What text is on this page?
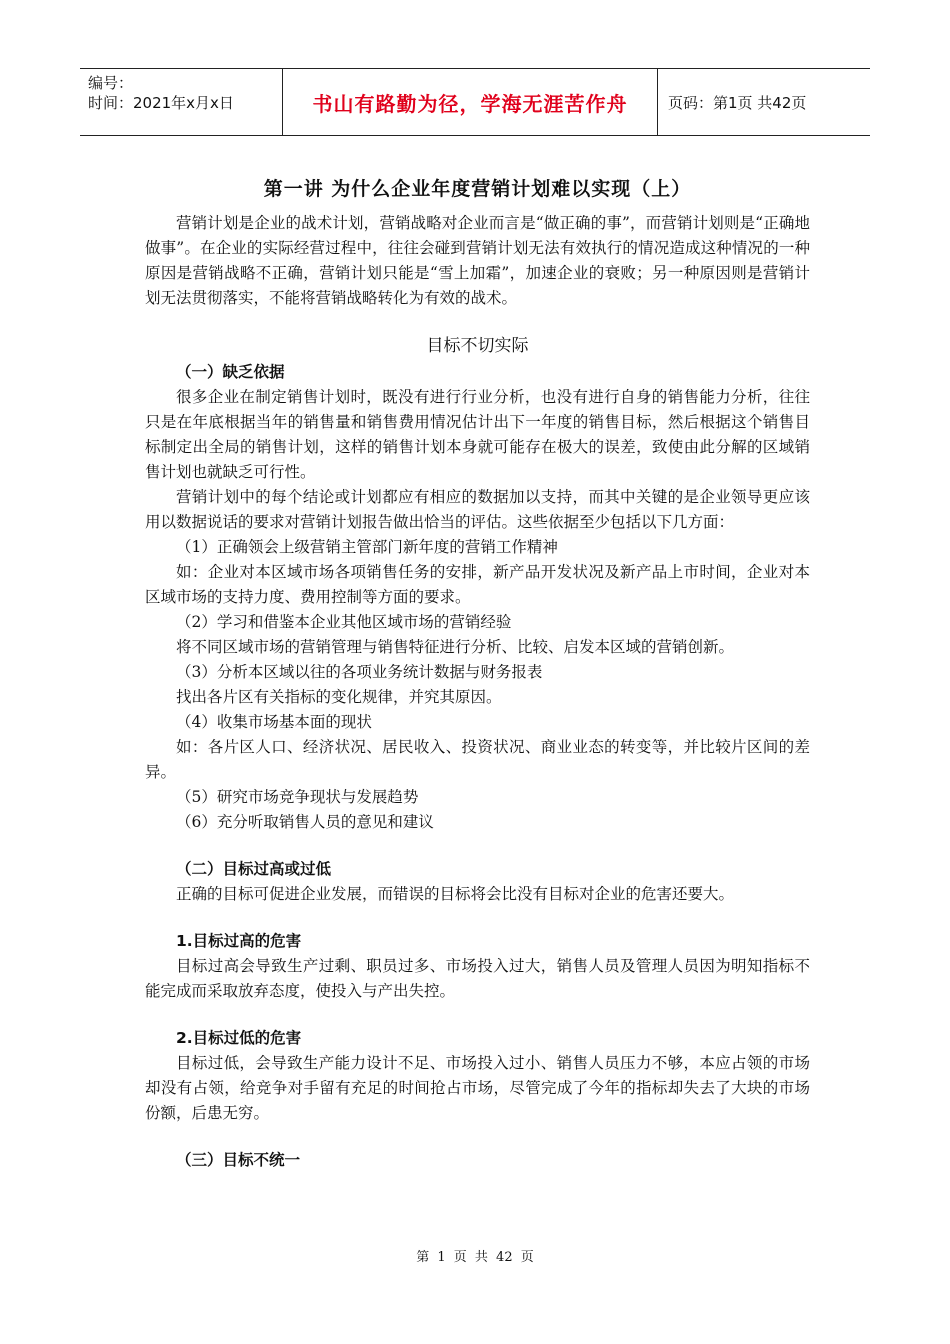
编号：
时间：2021年x月x日	书山有路勤为径，学海无涯苦作舟	页码：第1页 共42页
第一讲 为什么企业年度营销计划难以实现（上）

营销计划是企业的战术计划，营销战略对企业而言是“做正确的事”，而营销计划则是“正确地做事”。在企业的实际经营过程中，往往会碰到营销计划无法有效执行的情况造成这种情况的一种原因是营销战略不正确，营销计划只能是“雪上加霜”，加速企业的衰败；另一种原因则是营销计划无法贯彻落实，不能将营销战略转化为有效的战术。

目标不切实际
（一）缺乏依据

很多企业在制定销售计划时，既没有进行行业分析，也没有进行自身的销售能力分析，往往只是在年底根据当年的销售量和销售费用情况估计出下一年度的销售目标，然后根据这个销售目标制定出全局的销售计划，这样的销售计划本身就可能存在极大的误差，致使由此分解的区域销售计划也就缺乏可行性。

营销计划中的每个结论或计划都应有相应的数据加以支持，而其中关键的是企业领导更应该用以数据说话的要求对营销计划报告做出恰当的评估。这些依据至少包括以下几方面：

（1）正确领会上级营销主管部门新年度的营销工作精神

如：企业对本区域市场各项销售任务的安排，新产品开发状况及新产品上市时间，企业对本区域市场的支持力度、费用控制等方面的要求。

（2）学习和借鉴本企业其他区域市场的营销经验

将不同区域市场的营销管理与销售特征进行分析、比较、启发本区域的营销创新。

（3）分析本区域以往的各项业务统计数据与财务报表

找出各片区有关指标的变化规律，并究其原因。

（4）收集市场基本面的现状

如：各片区人口、经济状况、居民收入、投资状况、商业业态的转变等，并比较片区间的差异。

（5）研究市场竞争现状与发展趋势

（6）充分听取销售人员的意见和建议

（二）目标过高或过低

正确的目标可促进企业发展，而错误的目标将会比没有目标对企业的危害还要大。

1.目标过高的危害

目标过高会导致生产过剩、职员过多、市场投入过大，销售人员及管理人员因为明知指标不能完成而采取放弃态度，使投入与产出失控。

2.目标过低的危害

目标过低，会导致生产能力设计不足、市场投入过小、销售人员压力不够，本应占领的市场却没有占领，给竞争对手留有充足的时间抢占市场，尽管完成了今年的指标却失去了大块的市场份额，后患无穷。

（三）目标不统一
第 1 页 共 42 页
